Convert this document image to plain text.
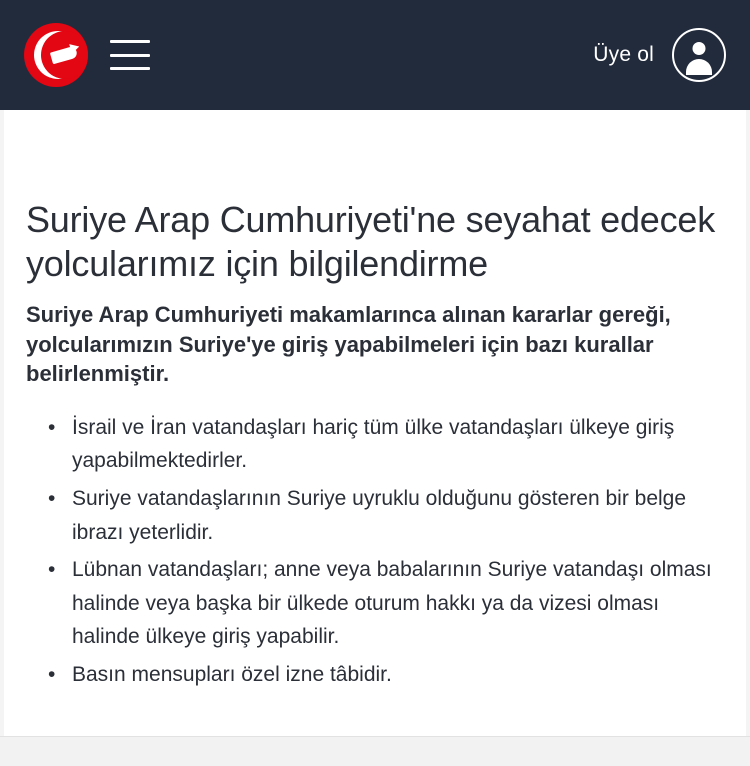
Üye ol
Suriye Arap Cumhuriyeti'ne seyahat edecek yolcularımız için bilgilendirme

Suriye Arap Cumhuriyeti makamlarınca alınan kararlar gereği, yolcularımızın Suriye'ye giriş yapabilmeleri için bazı kurallar belirlenmiştir.

• İsrail ve İran vatandaşları hariç tüm ülke vatandaşları ülkeye giriş yapabilmektedirler.
• Suriye vatandaşlarının Suriye uyruklu olduğunu gösteren bir belge ibrazı yeterlidir.
• Lübnan vatandaşları; anne veya babalarının Suriye vatandaşı olması halinde veya başka bir ülkede oturum hakkı ya da vizesi olması halinde ülkeye giriş yapabilir.
• Basın mensupları özel izne tâbidir.
